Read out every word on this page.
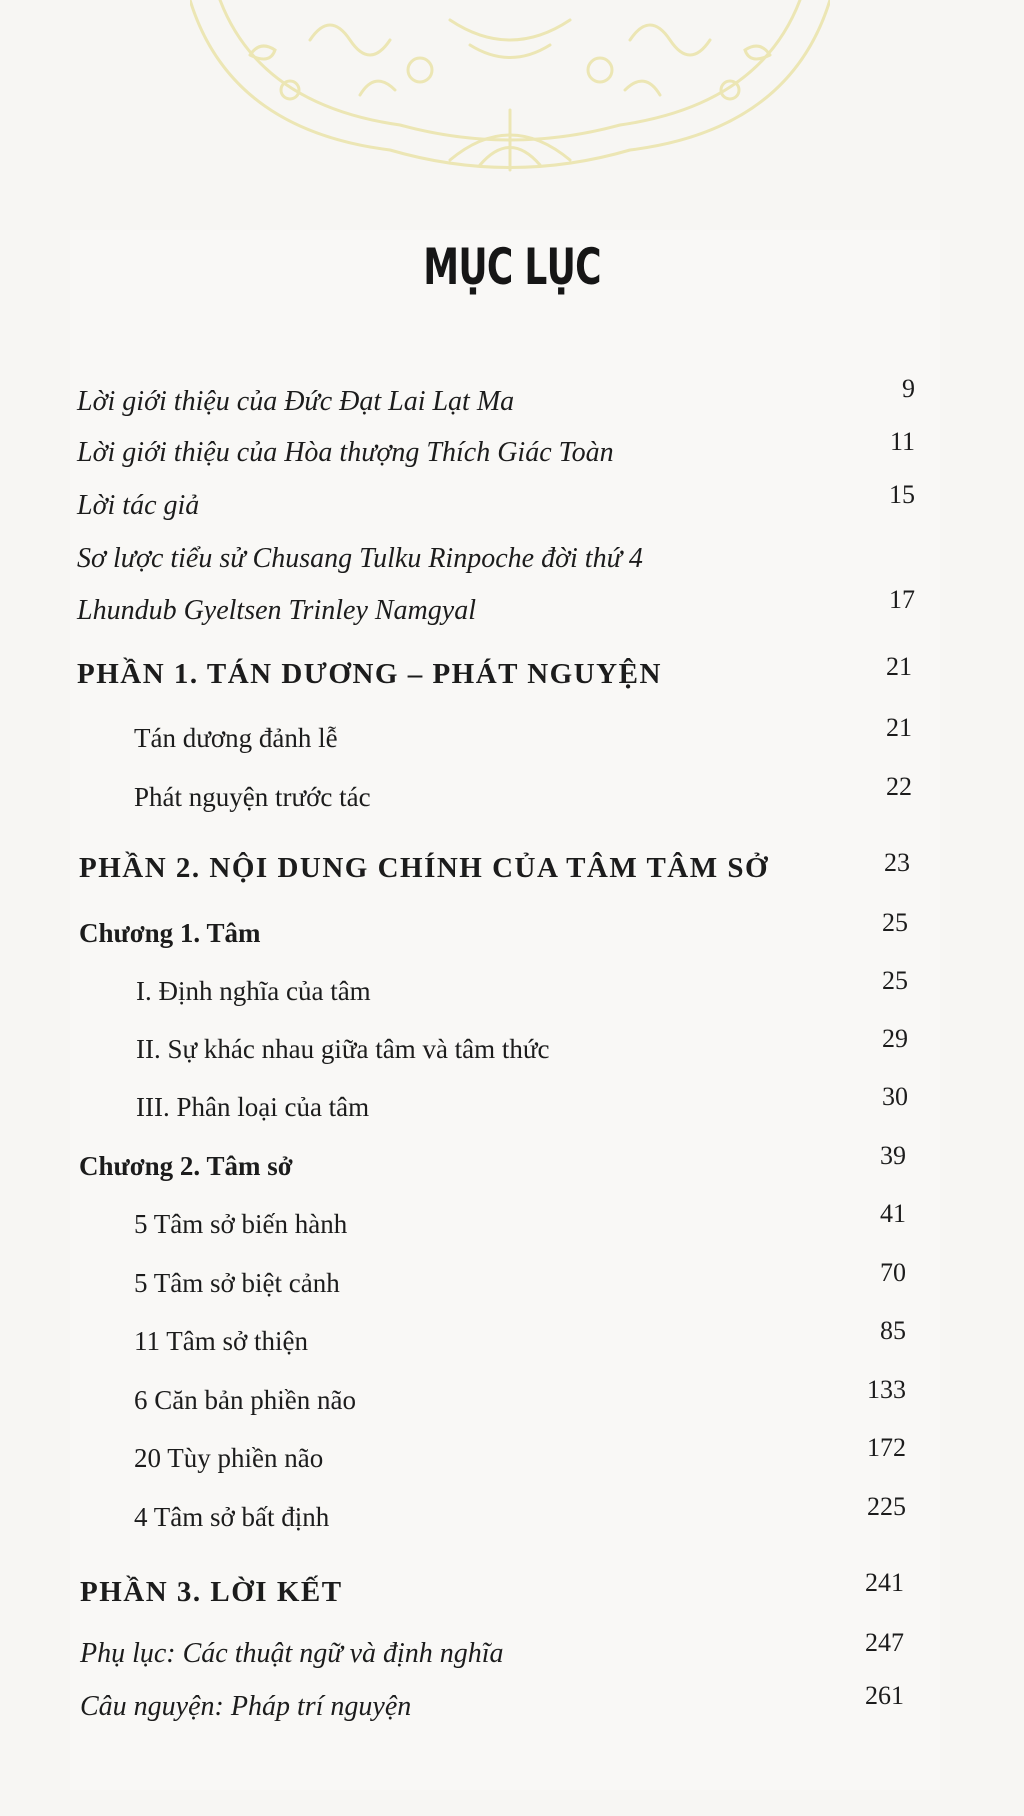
MỤC LỤC
Lời giới thiệu của Đức Đạt Lai Lạt Ma	9
Lời giới thiệu của Hòa thượng Thích Giác Toàn	11
Lời tác giả	15
Sơ lược tiểu sử Chusang Tulku Rinpoche đời thứ 4
Lhundub Gyeltsen Trinley Namgyal	17
PHẦN 1. TÁN DƯƠNG – PHÁT NGUYỆN	21
Tán dương đảnh lễ	21
Phát nguyện trước tác	22
PHẦN 2. NỘI DUNG CHÍNH CỦA TÂM TÂM SỞ	23
Chương 1. Tâm	25
I. Định nghĩa của tâm	25
II. Sự khác nhau giữa tâm và tâm thức	29
III. Phân loại của tâm	30
Chương 2. Tâm sở	39
5 Tâm sở biến hành	41
5 Tâm sở biệt cảnh	70
11 Tâm sở thiện	85
6 Căn bản phiền não	133
20 Tùy phiền não	172
4 Tâm sở bất định	225
PHẦN 3. LỜI KẾT	241
Phụ lục: Các thuật ngữ và định nghĩa	247
Câu nguyện: Pháp trí nguyện	261
